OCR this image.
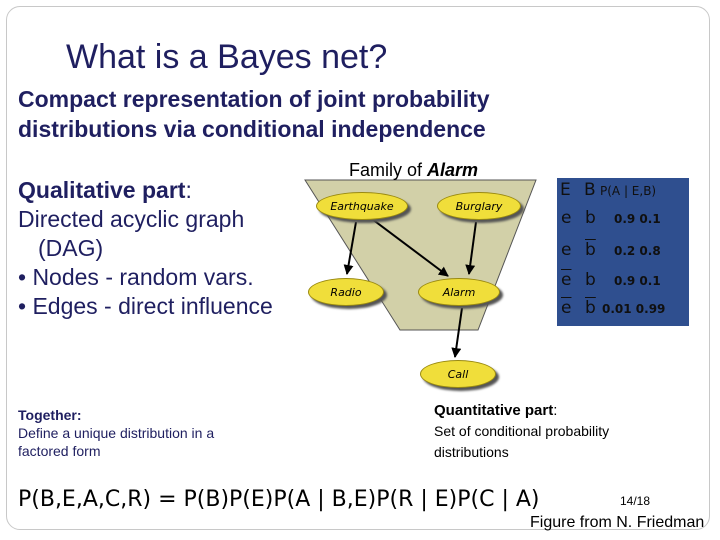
What is a Bayes net?
Compact representation of joint probability distributions via conditional independence
Qualitative part:
Directed acyclic graph
(DAG)
• Nodes - random vars.
• Edges - direct influence
Family of Alarm
Earthquake	Burglary
Radio	Alarm
Call
E B P(A | E,B)
e b 0.9 0.1
e $\overline{b}$ 0.2 0.8
$\overline{e}$ b 0.9 0.1
$\overline{e}$ $\overline{b}$ 0.01 0.99
Together:
Define a unique distribution in a
factored form
Quantitative part:
Set of conditional probability
distributions
P(B,E,A,C,R) = P(B)P(E)P(A | B,E)P(R | E)P(C | A)	14/18
Figure from N. Friedman
